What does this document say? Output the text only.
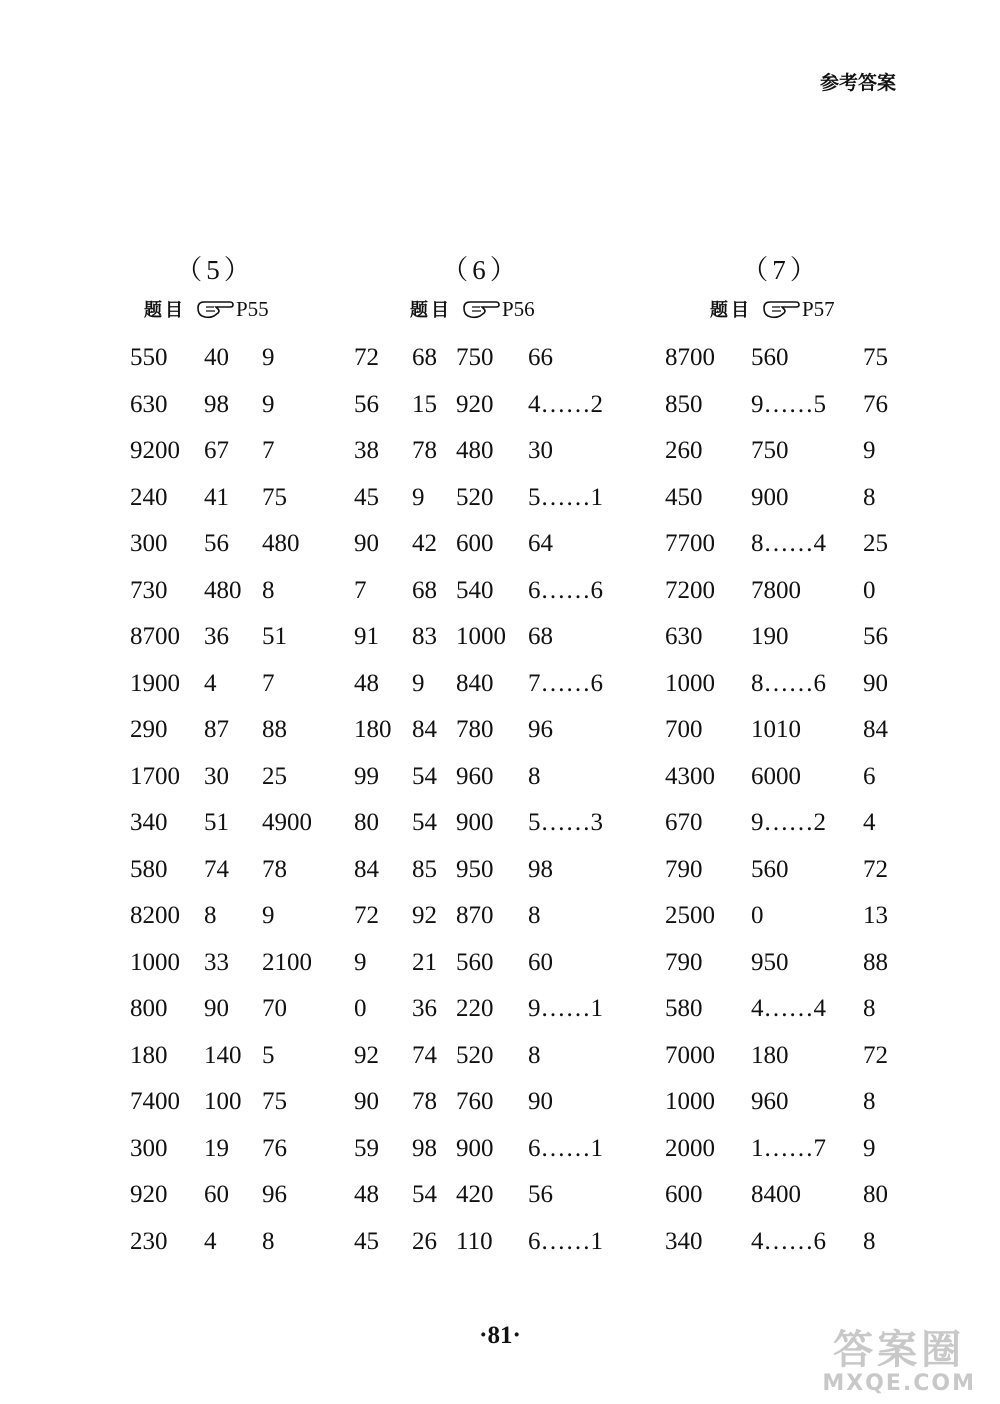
参考答案
（5）
题目 P55
（6）
题目 P56
（7）
题目 P57
550 40 9
630 98 9
9200 67 7
240 41 75
300 56 480
730 480 8
8700 36 51
1900 4 7
290 87 88
1700 30 25
340 51 4900
580 74 78
8200 8 9
1000 33 2100
800 90 70
180 140 5
7400 100 75
300 19 76
920 60 96
230 4 8
72 68 750 66
56 15 920 4……2
38 78 480 30
45 9 520 5……1
90 42 600 64
7 68 540 6……6
91 83 1000 68
48 9 840 7……6
180 84 780 96
99 54 960 8
80 54 900 5……3
84 85 950 98
72 92 870 8
9 21 560 60
0 36 220 9……1
92 74 520 8
90 78 760 90
59 98 900 6……1
48 54 420 56
45 26 110 6……1
8700 560	75
850 9……5 76
260 750	9
450 900	8
7700 8……4 25
7200 7800 0
630 190	56
1000 8……6 90
700 1010 84
4300 6000 6
670 9……2 4
790 560	72
2500 0	13
790 950	88
580 4……4 8
7000 180	72
1000 960	8
2000 1……7 9
600 8400 80
340 4……6 8
·81·	答案圈
MXQE.COM
